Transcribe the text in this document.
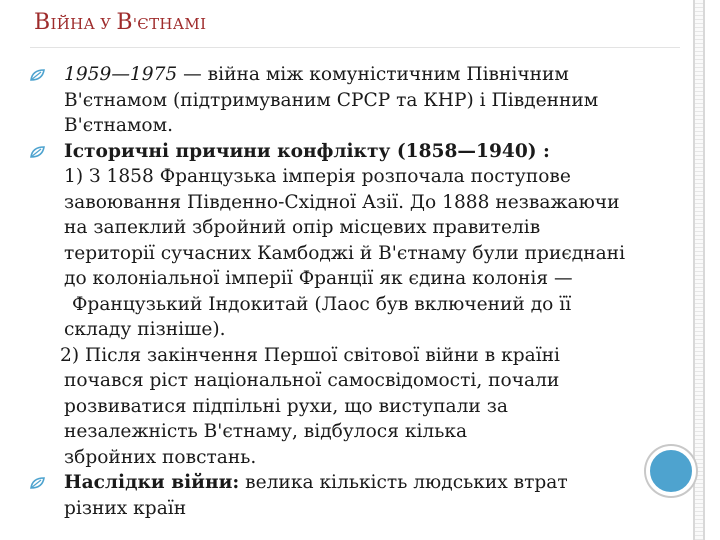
ВІЙНА У В'ЄТНАМІ
1959—1975 — війна між комуністичним Північним
В'єтнамом (підтримуваним СРСР та КНР) і Південним
В'єтнамом.
Історичні причини конфлікту (1858—1940) :
1) З 1858 Французька імперія розпочала поступове
завоювання Південно-Східної Азії. До 1888 незважаючи
на запеклий збройний опір місцевих правителів
території сучасних Камбоджі й В'єтнаму були приєднані
до колоніальної імперії Франції як єдина колонія —
Французький Індокитай (Лаос був включений до її
складу пізніше).
2) Після закінчення Першої світової війни в країні
почався ріст національної самосвідомості, почали
розвиватися підпільні рухи, що виступали за
незалежність В'єтнаму, відбулося кілька
збройних повстань.
Наслідки війни: велика кількість людських втрат
різних країн
